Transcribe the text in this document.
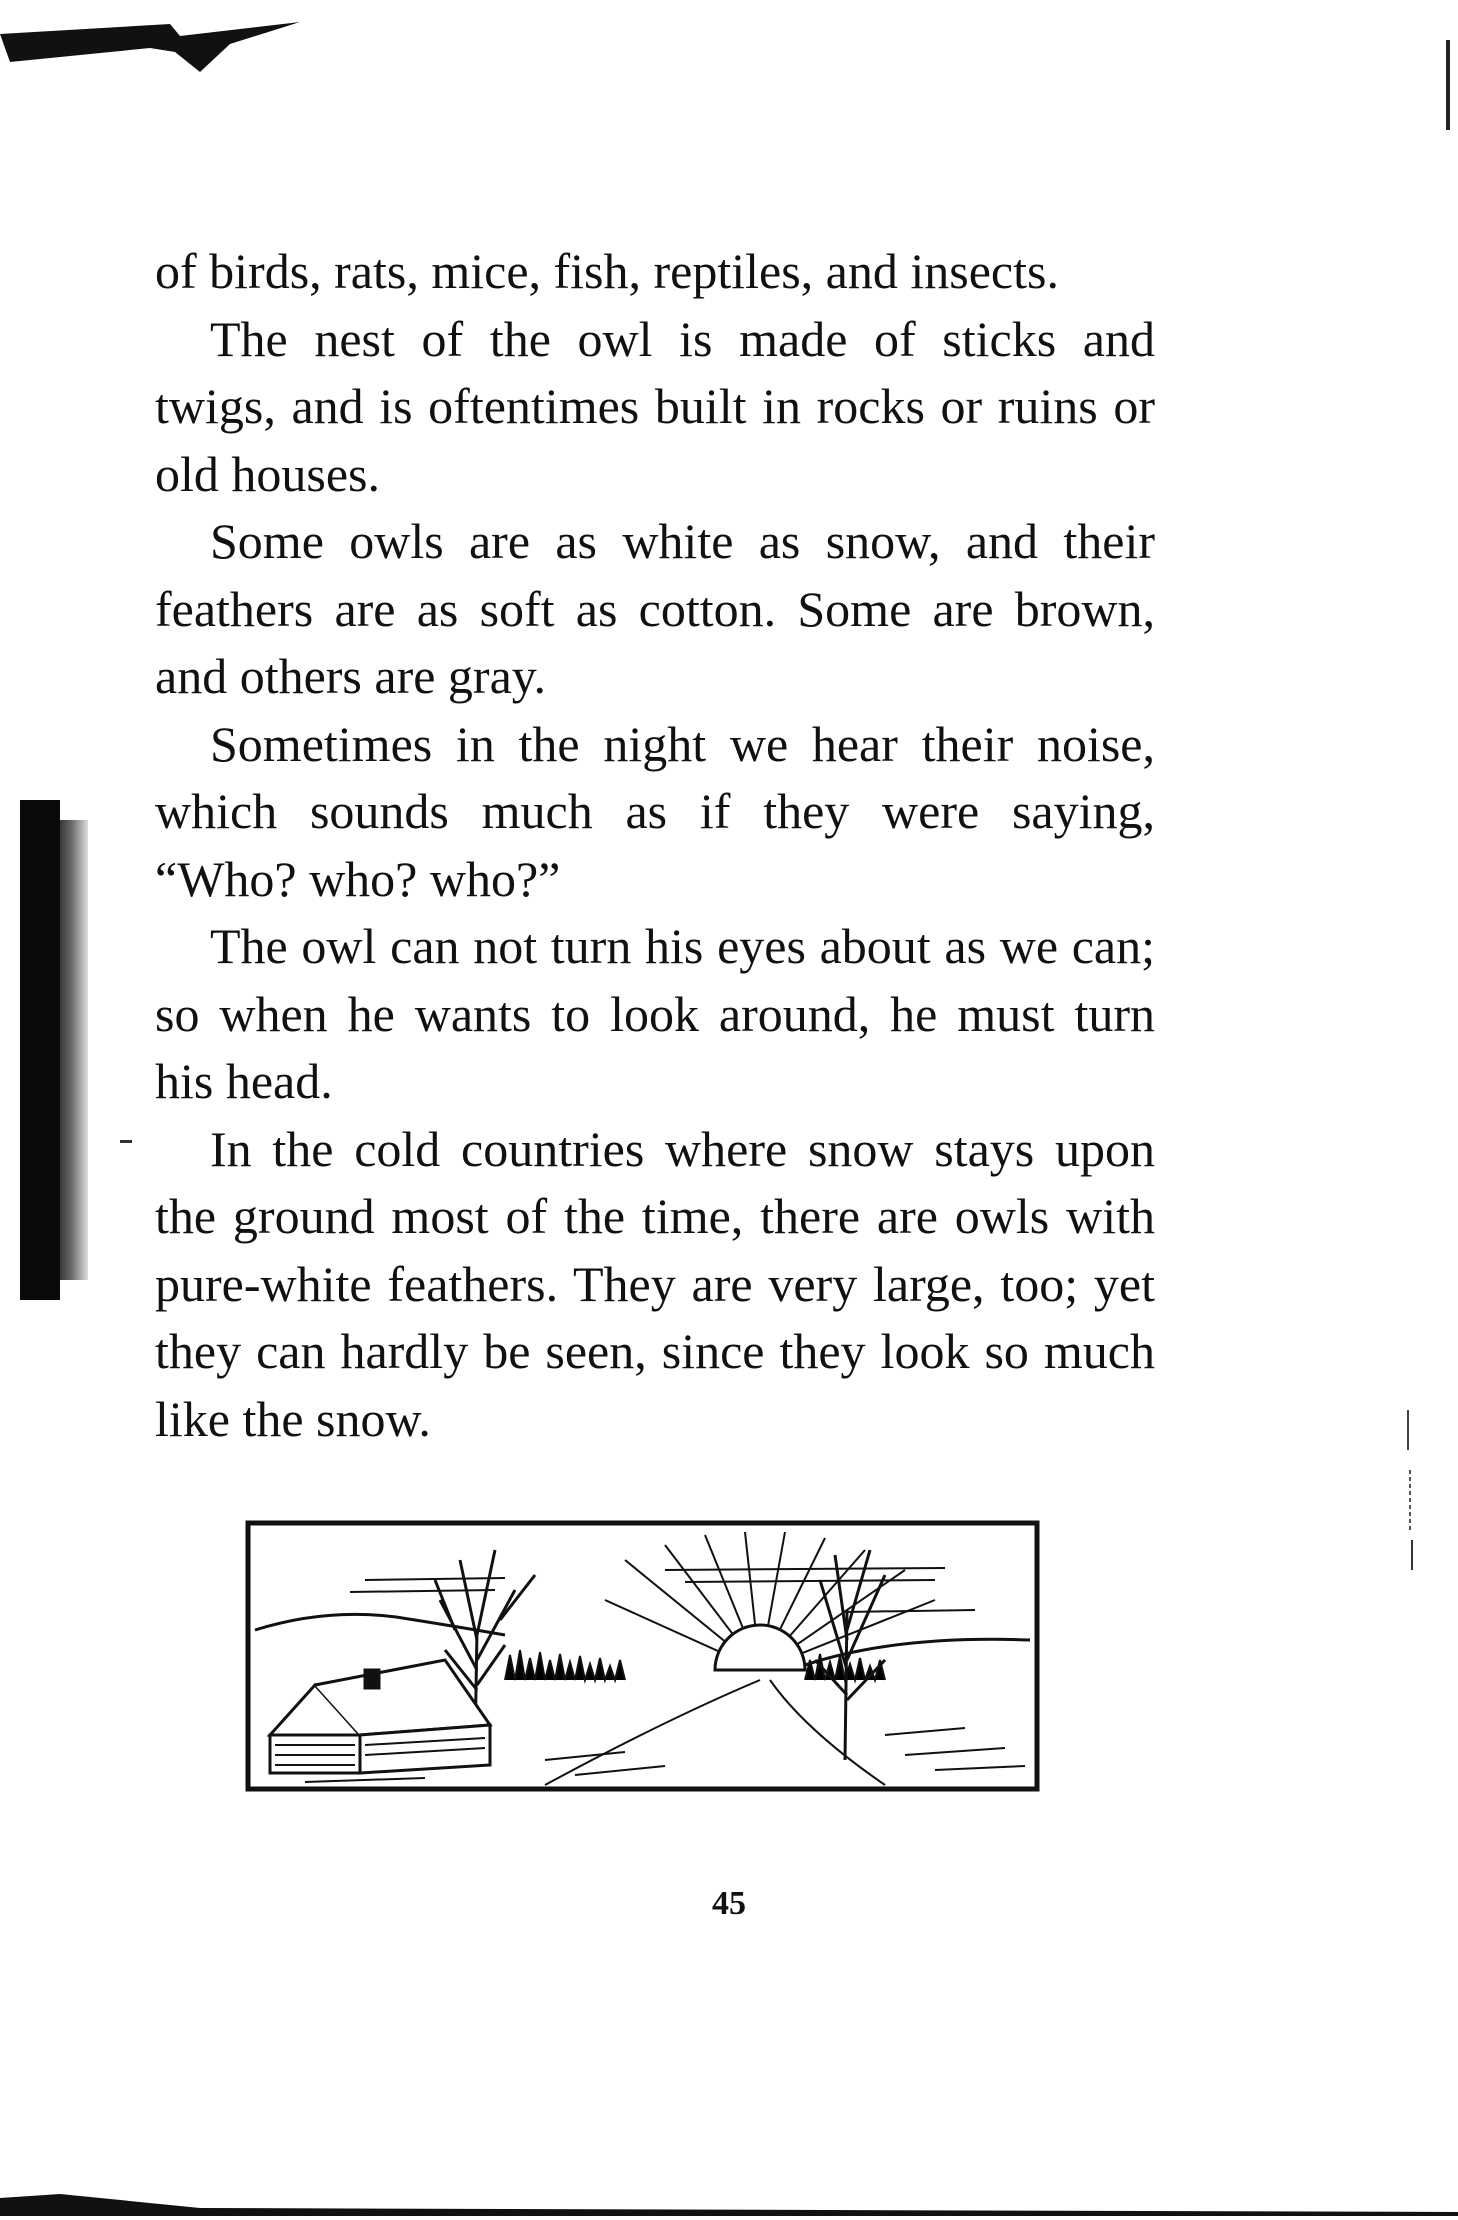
of birds, rats, mice, fish, reptiles, and insects.

The nest of the owl is made of sticks and twigs, and is oftentimes built in rocks or ruins or old houses.

Some owls are as white as snow, and their feathers are as soft as cotton. Some are brown, and others are gray.

Sometimes in the night we hear their noise, which sounds much as if they were saying, “Who? who? who?”

The owl can not turn his eyes about as we can; so when he wants to look around, he must turn his head.

In the cold countries where snow stays upon the ground most of the time, there are owls with pure-white feathers. They are very large, too; yet they can hardly be seen, since they look so much like the snow.

45
